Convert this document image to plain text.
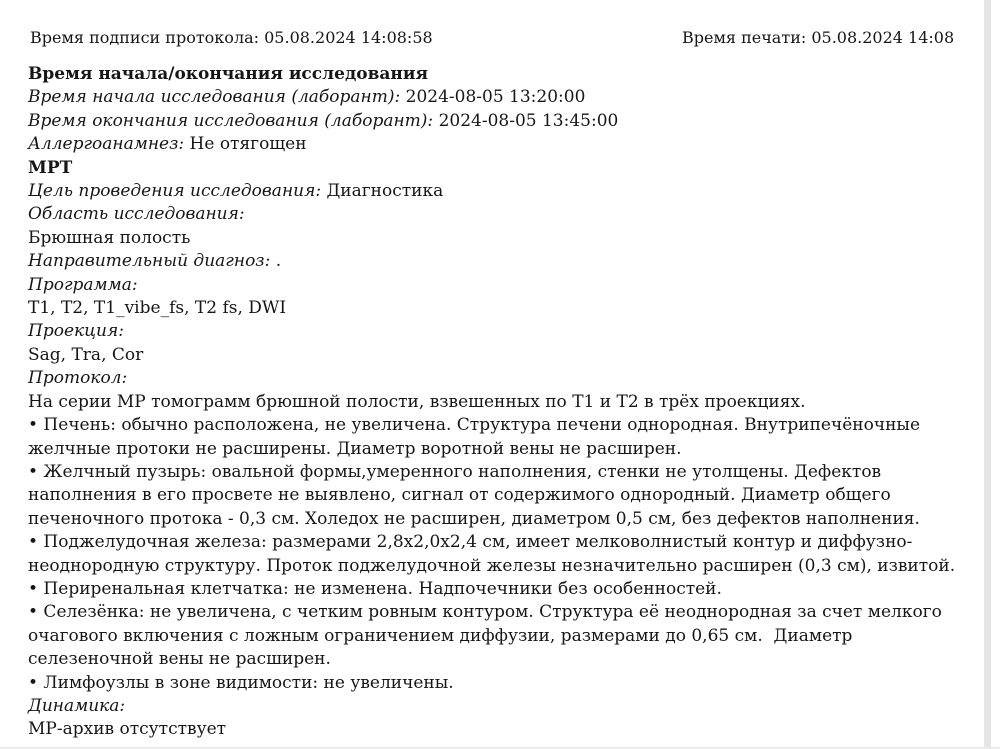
Время подписи протокола: 05.08.2024 14:08:58	Время печати: 05.08.2024 14:08
Время начала/окончания исследования
Время начала исследования (лаборант): 2024-08-05 13:20:00
Время окончания исследования (лаборант): 2024-08-05 13:45:00
Аллергоанамнез: Не отягощен
МРТ
Цель проведения исследования: Диагностика
Область исследования:
Брюшная полость
Направительный диагноз: .
Программа:
T1, T2, T1_vibe_fs, T2 fs, DWI
Проекция:
Sag, Tra, Cor
Протокол:
На серии МР томограмм брюшной полости, взвешенных по Т1 и Т2 в трёх проекциях.
• Печень: обычно расположена, не увеличена. Структура печени однородная. Внутрипечёночные желчные протоки не расширены. Диаметр воротной вены не расширен.
• Желчный пузырь: овальной формы,умеренного наполнения, стенки не утолщены. Дефектов наполнения в его просвете не выявлено, сигнал от содержимого однородный. Диаметр общего печеночного протока - 0,3 см. Холедох не расширен, диаметром 0,5 см, без дефектов наполнения.
• Поджелудочная железа: размерами 2,8х2,0х2,4 см, имеет мелковолнистый контур и диффузно-неоднородную структуру. Проток поджелудочной железы незначительно расширен (0,3 см), извитой.
• Периренальная клетчатка: не изменена. Надпочечники без особенностей.
• Селезёнка: не увеличена, с четким ровным контуром. Структура её неоднородная за счет мелкого очагового включения с ложным ограничением диффузии, размерами до 0,65 см.  Диаметр селезеночной вены не расширен.
• Лимфоузлы в зоне видимости: не увеличены.
Динамика:
МР-архив отсутствует
